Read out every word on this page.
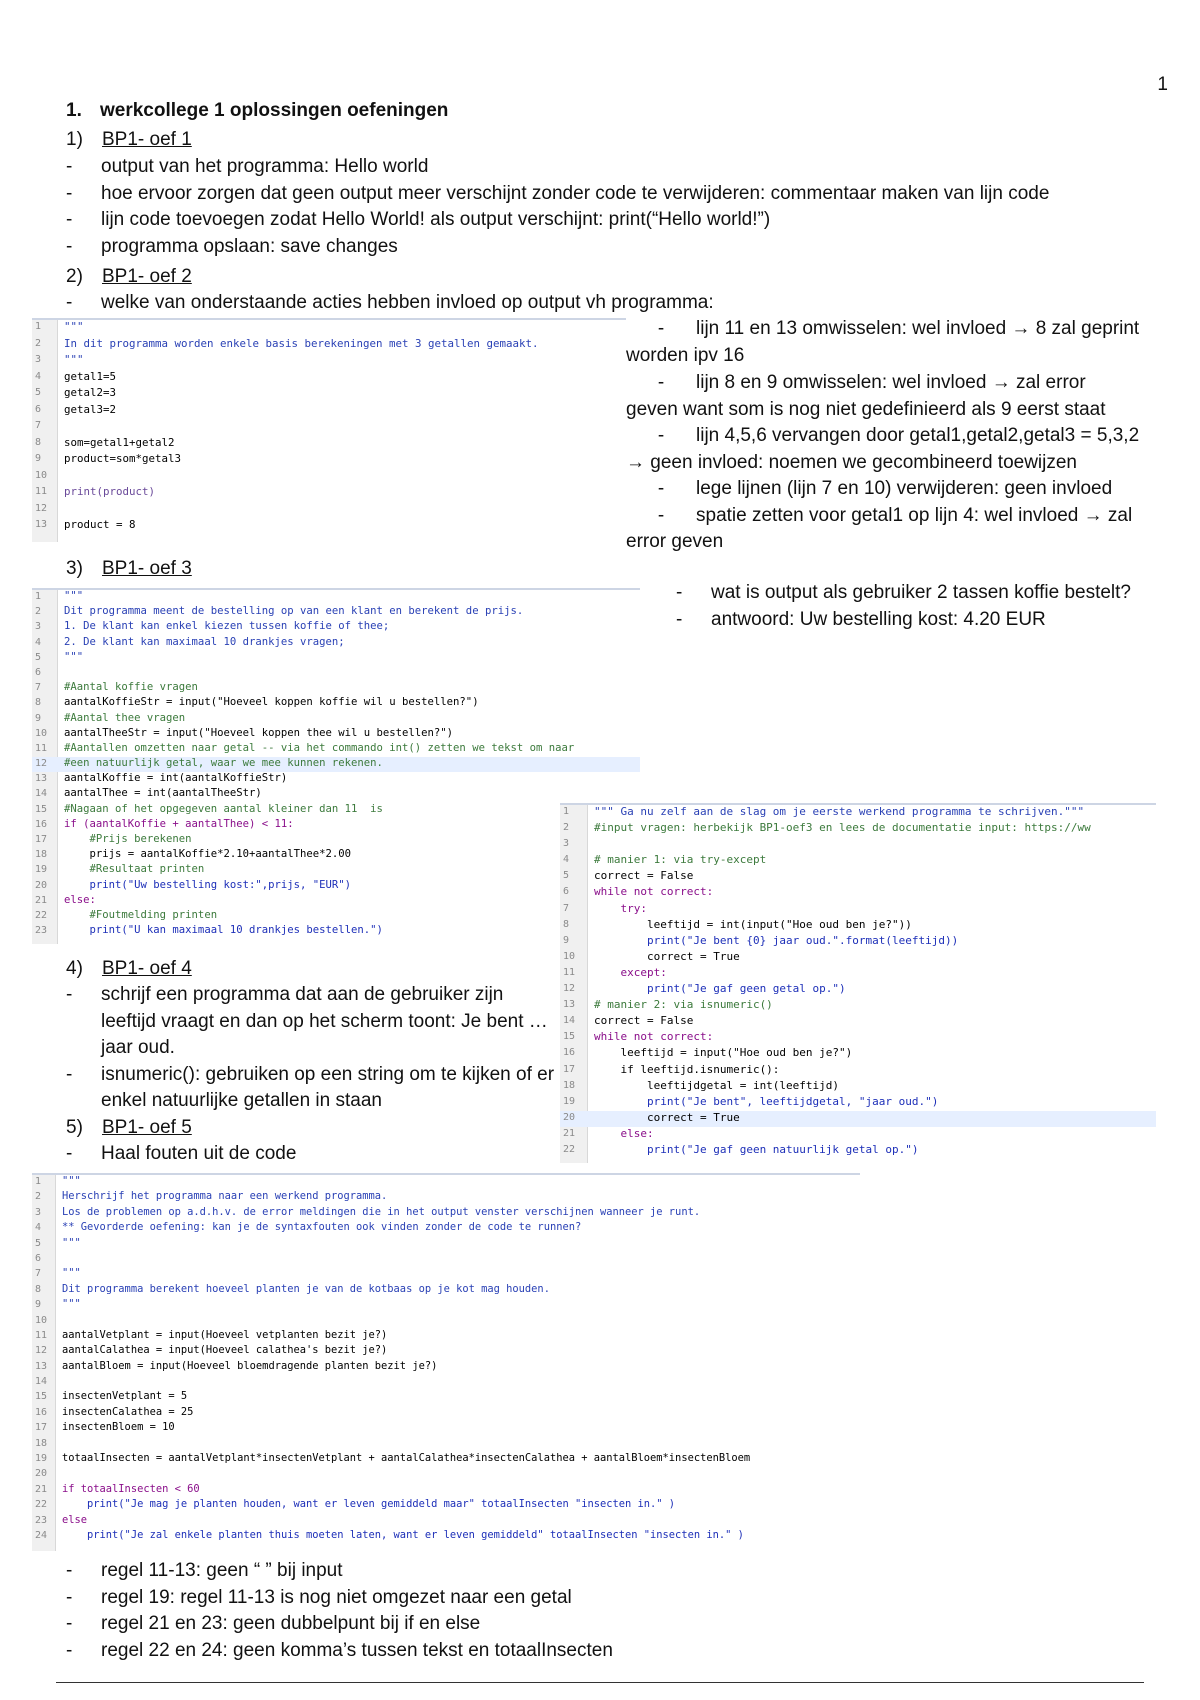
1
1. werkcollege 1 oplossingen oefeningen
1) BP1- oef 1
- output van het programma: Hello world
- hoe ervoor zorgen dat geen output meer verschijnt zonder code te verwijderen: commentaar maken van lijn code
- lijn code toevoegen zodat Hello World! als output verschijnt: print(“Hello world!”)
- programma opslaan: save changes
2) BP1- oef 2
- welke van onderstaande acties hebben invloed op output vh programma:
1 """
2 In dit programma worden enkele basis berekeningen met 3 getallen gemaakt.
3 """
4 getal1=5
5 getal2=3
6 getal3=2
7
8 som=getal1+getal2
9 product=som*getal3
10
11 print(product)
12
13 product = 8
- lijn 11 en 13 omwisselen: wel invloed → 8 zal geprint
worden ipv 16
- lijn 8 en 9 omwisselen: wel invloed → zal error
geven want som is nog niet gedefinieerd als 9 eerst staat
- lijn 4,5,6 vervangen door getal1,getal2,getal3 = 5,3,2
→ geen invloed: noemen we gecombineerd toewijzen
- lege lijnen (lijn 7 en 10) verwijderen: geen invloed
- spatie zetten voor getal1 op lijn 4: wel invloed → zal
error geven
3) BP1- oef 3
1 """
2 Dit programma meent de bestelling op van een klant en berekent de prijs.
3 1. De klant kan enkel kiezen tussen koffie of thee;
4 2. De klant kan maximaal 10 drankjes vragen;
5 """
6
7 #Aantal koffie vragen
8 aantalKoffieStr = input("Hoeveel koppen koffie wil u bestellen?")
9 #Aantal thee vragen
10 aantalTheeStr = input("Hoeveel koppen thee wil u bestellen?")
11 #Aantallen omzetten naar getal -- via het commando int() zetten we tekst om naar
12 #een natuurlijk getal, waar we mee kunnen rekenen.
13 aantalKoffie = int(aantalKoffieStr)
14 aantalThee = int(aantalTheeStr)
15 #Nagaan of het opgegeven aantal kleiner dan 11  is
16 if (aantalKoffie + aantalThee) < 11:
17 #Prijs berekenen
18 prijs = aantalKoffie*2.10+aantalThee*2.00
19 #Resultaat printen
20 print("Uw bestelling kost:",prijs, "EUR")
21 else:
22 #Foutmelding printen
23 print("U kan maximaal 10 drankjes bestellen.")
- wat is output als gebruiker 2 tassen koffie bestelt?
- antwoord: Uw bestelling kost: 4.20 EUR
1 """ Ga nu zelf aan de slag om je eerste werkend programma te schrijven."""
2 #input vragen: herbekijk BP1-oef3 en lees de documentatie input: https://ww
3
4 # manier 1: via try-except
5 correct = False
6 while not correct:
7 try:
8 leeftijd = int(input("Hoe oud ben je?"))
9 print("Je bent {0} jaar oud.".format(leeftijd))
10 correct = True
11 except:
12 print("Je gaf geen getal op.")
13 # manier 2: via isnumeric()
14 correct = False
15 while not correct:
16 leeftijd = input("Hoe oud ben je?")
17 if leeftijd.isnumeric():
18 leeftijdgetal = int(leeftijd)
19 print("Je bent", leeftijdgetal, "jaar oud.")
20 correct = True
21 else:
22 print("Je gaf geen natuurlijk getal op.")
4) BP1- oef 4
- schrijf een programma dat aan de gebruiker zijn leeftijd vraagt en dan op het scherm toont: Je bent … jaar oud.
- isnumeric(): gebruiken op een string om te kijken of er enkel natuurlijke getallen in staan
5) BP1- oef 5
- Haal fouten uit de code
1 """
2 Herschrijf het programma naar een werkend programma.
3 Los de problemen op a.d.h.v. de error meldingen die in het output venster verschijnen wanneer je runt.
4 ** Gevorderde oefening: kan je de syntaxfouten ook vinden zonder de code te runnen?
5 """
6
7 """
8 Dit programma berekent hoeveel planten je van de kotbaas op je kot mag houden.
9 """
10
11 aantalVetplant = input(Hoeveel vetplanten bezit je?)
12 aantalCalathea = input(Hoeveel calathea's bezit je?)
13 aantalBloem = input(Hoeveel bloemdragende planten bezit je?)
14
15 insectenVetplant = 5
16 insectenCalathea = 25
17 insectenBloem = 10
18
19 totaalInsecten = aantalVetplant*insectenVetplant + aantalCalathea*insectenCalathea + aantalBloem*insectenBloem
20
21 if totaalInsecten < 60
22 print("Je mag je planten houden, want er leven gemiddeld maar" totaalInsecten "insecten in." )
23 else
24 print("Je zal enkele planten thuis moeten laten, want er leven gemiddeld" totaalInsecten "insecten in." )
- regel 11-13: geen “ ” bij input
- regel 19: regel 11-13 is nog niet omgezet naar een getal
- regel 21 en 23: geen dubbelpunt bij if en else
- regel 22 en 24: geen komma’s tussen tekst en totaalInsecten
